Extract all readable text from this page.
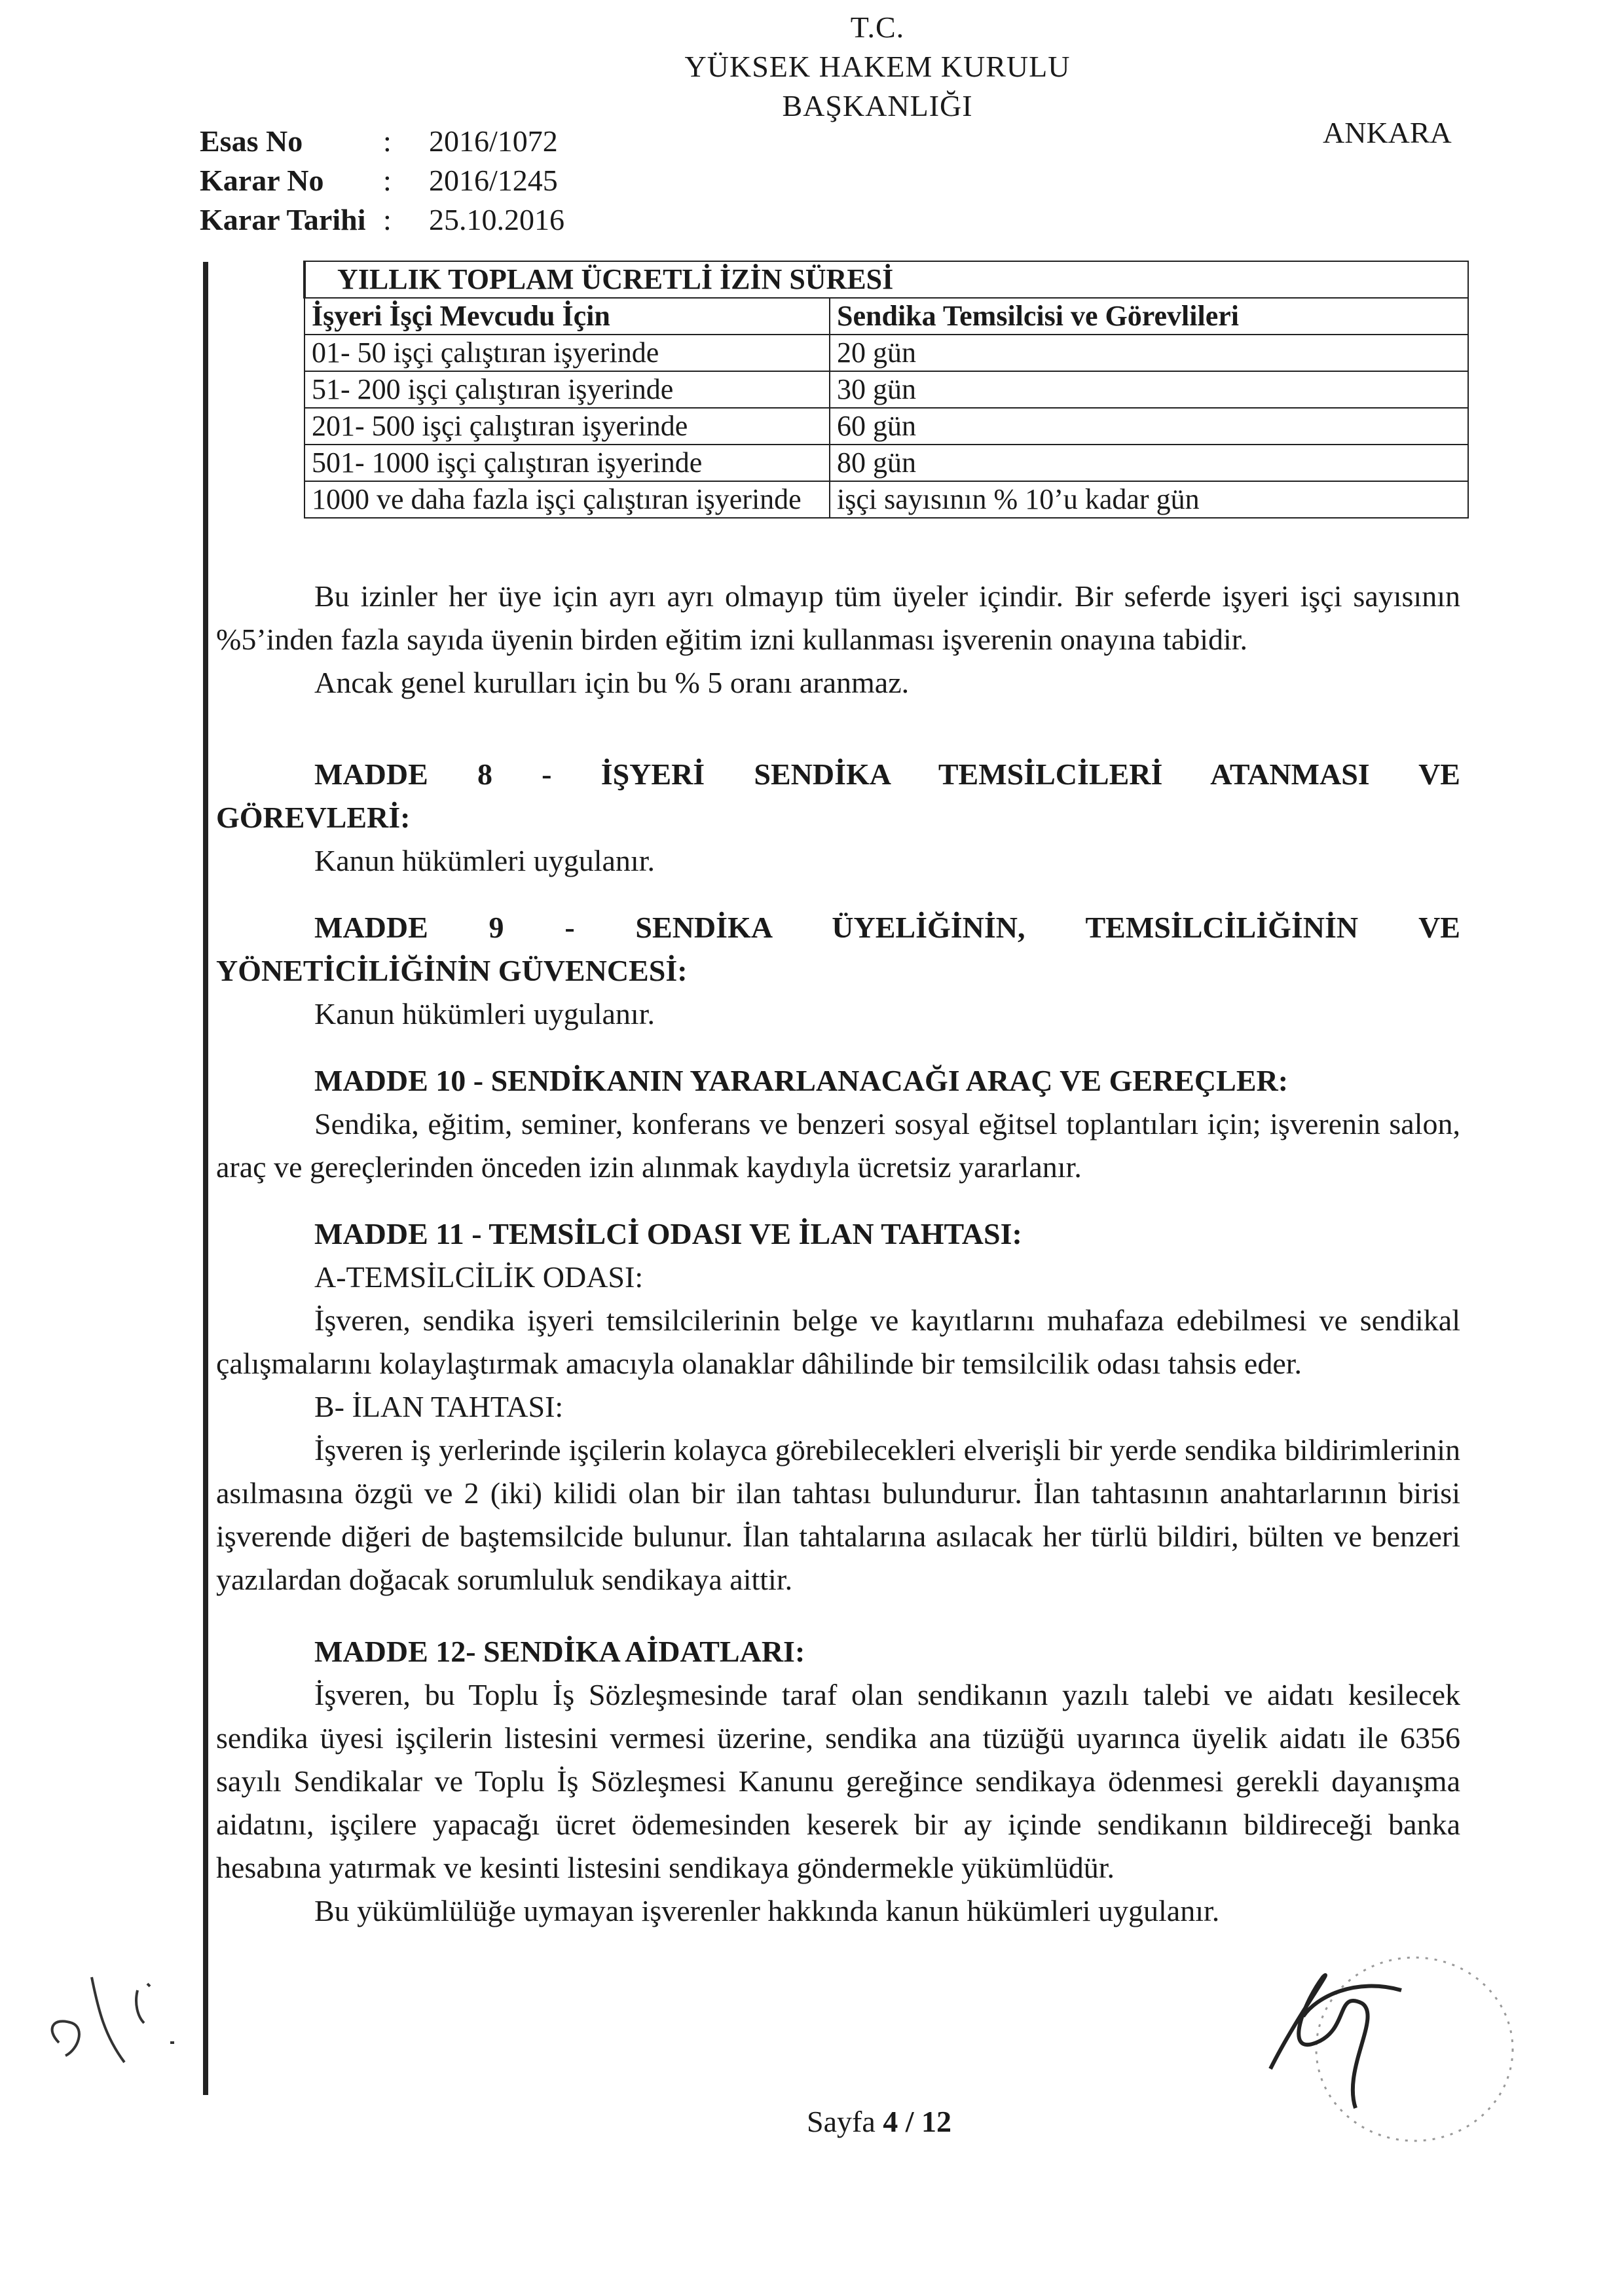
T.C.
YÜKSEK HAKEM KURULU
BAŞKANLIĞI
ANKARA
Esas No	:	2016/1072
Karar No	:	2016/1245
Karar Tarihi :	25.10.2016
YILLIK TOPLAM ÜCRETLİ İZİN SÜRESİ	
İşyeri İşçi Mevcudu İçin	Sendika Temsilcisi ve Görevlileri
01- 50 işçi çalıştıran işyerinde	20 gün
51- 200 işçi çalıştıran işyerinde	30 gün
201- 500 işçi çalıştıran işyerinde	60 gün
501- 1000 işçi çalıştıran işyerinde	80 gün
1000 ve daha fazla işçi çalıştıran işyerinde	işçi sayısının % 10’u kadar gün

Bu izinler her üye için ayrı ayrı olmayıp tüm üyeler içindir. Bir seferde işyeri işçi sayısının %5’inden fazla sayıda üyenin birden eğitim izni kullanması işverenin onayına tabidir.

Ancak genel kurulları için bu % 5 oranı aranmaz.

MADDE 8 - İŞYERİ SENDİKA TEMSİLCİLERİ ATANMASI VE

GÖREVLERİ:

Kanun hükümleri uygulanır.

MADDE 9 - SENDİKA ÜYELİĞİNİN, TEMSİLCİLİĞİNİN VE

YÖNETİCİLİĞİNİN GÜVENCESİ:

Kanun hükümleri uygulanır.

MADDE 10 - SENDİKANIN YARARLANACAĞI ARAÇ VE GEREÇLER:

Sendika, eğitim, seminer, konferans ve benzeri sosyal eğitsel toplantıları için; işverenin salon, araç ve gereçlerinden önceden izin alınmak kaydıyla ücretsiz yararlanır.

MADDE 11 - TEMSİLCİ ODASI VE İLAN TAHTASI:

A-TEMSİLCİLİK ODASI:

İşveren, sendika işyeri temsilcilerinin belge ve kayıtlarını muhafaza edebilmesi ve sendikal çalışmalarını kolaylaştırmak amacıyla olanaklar dâhilinde bir temsilcilik odası tahsis eder.

B- İLAN TAHTASI:

İşveren iş yerlerinde işçilerin kolayca görebilecekleri elverişli bir yerde sendika bildirimlerinin asılmasına özgü ve 2 (iki) kilidi olan bir ilan tahtası bulundurur. İlan tahtasının anahtarlarının birisi işverende diğeri de baştemsilcide bulunur. İlan tahtalarına asılacak her türlü bildiri, bülten ve benzeri yazılardan doğacak sorumluluk sendikaya aittir.

MADDE 12- SENDİKA AİDATLARI:

İşveren, bu Toplu İş Sözleşmesinde taraf olan sendikanın yazılı talebi ve aidatı kesilecek sendika üyesi işçilerin listesini vermesi üzerine, sendika ana tüzüğü uyarınca üyelik aidatı ile 6356 sayılı Sendikalar ve Toplu İş Sözleşmesi Kanunu gereğince sendikaya ödenmesi gerekli dayanışma aidatını, işçilere yapacağı ücret ödemesinden keserek bir ay içinde sendikanın bildireceği banka hesabına yatırmak ve kesinti listesini sendikaya göndermekle yükümlüdür.

Bu yükümlülüğe uymayan işverenler hakkında kanun hükümleri uygulanır.

Sayfa 4 / 12
